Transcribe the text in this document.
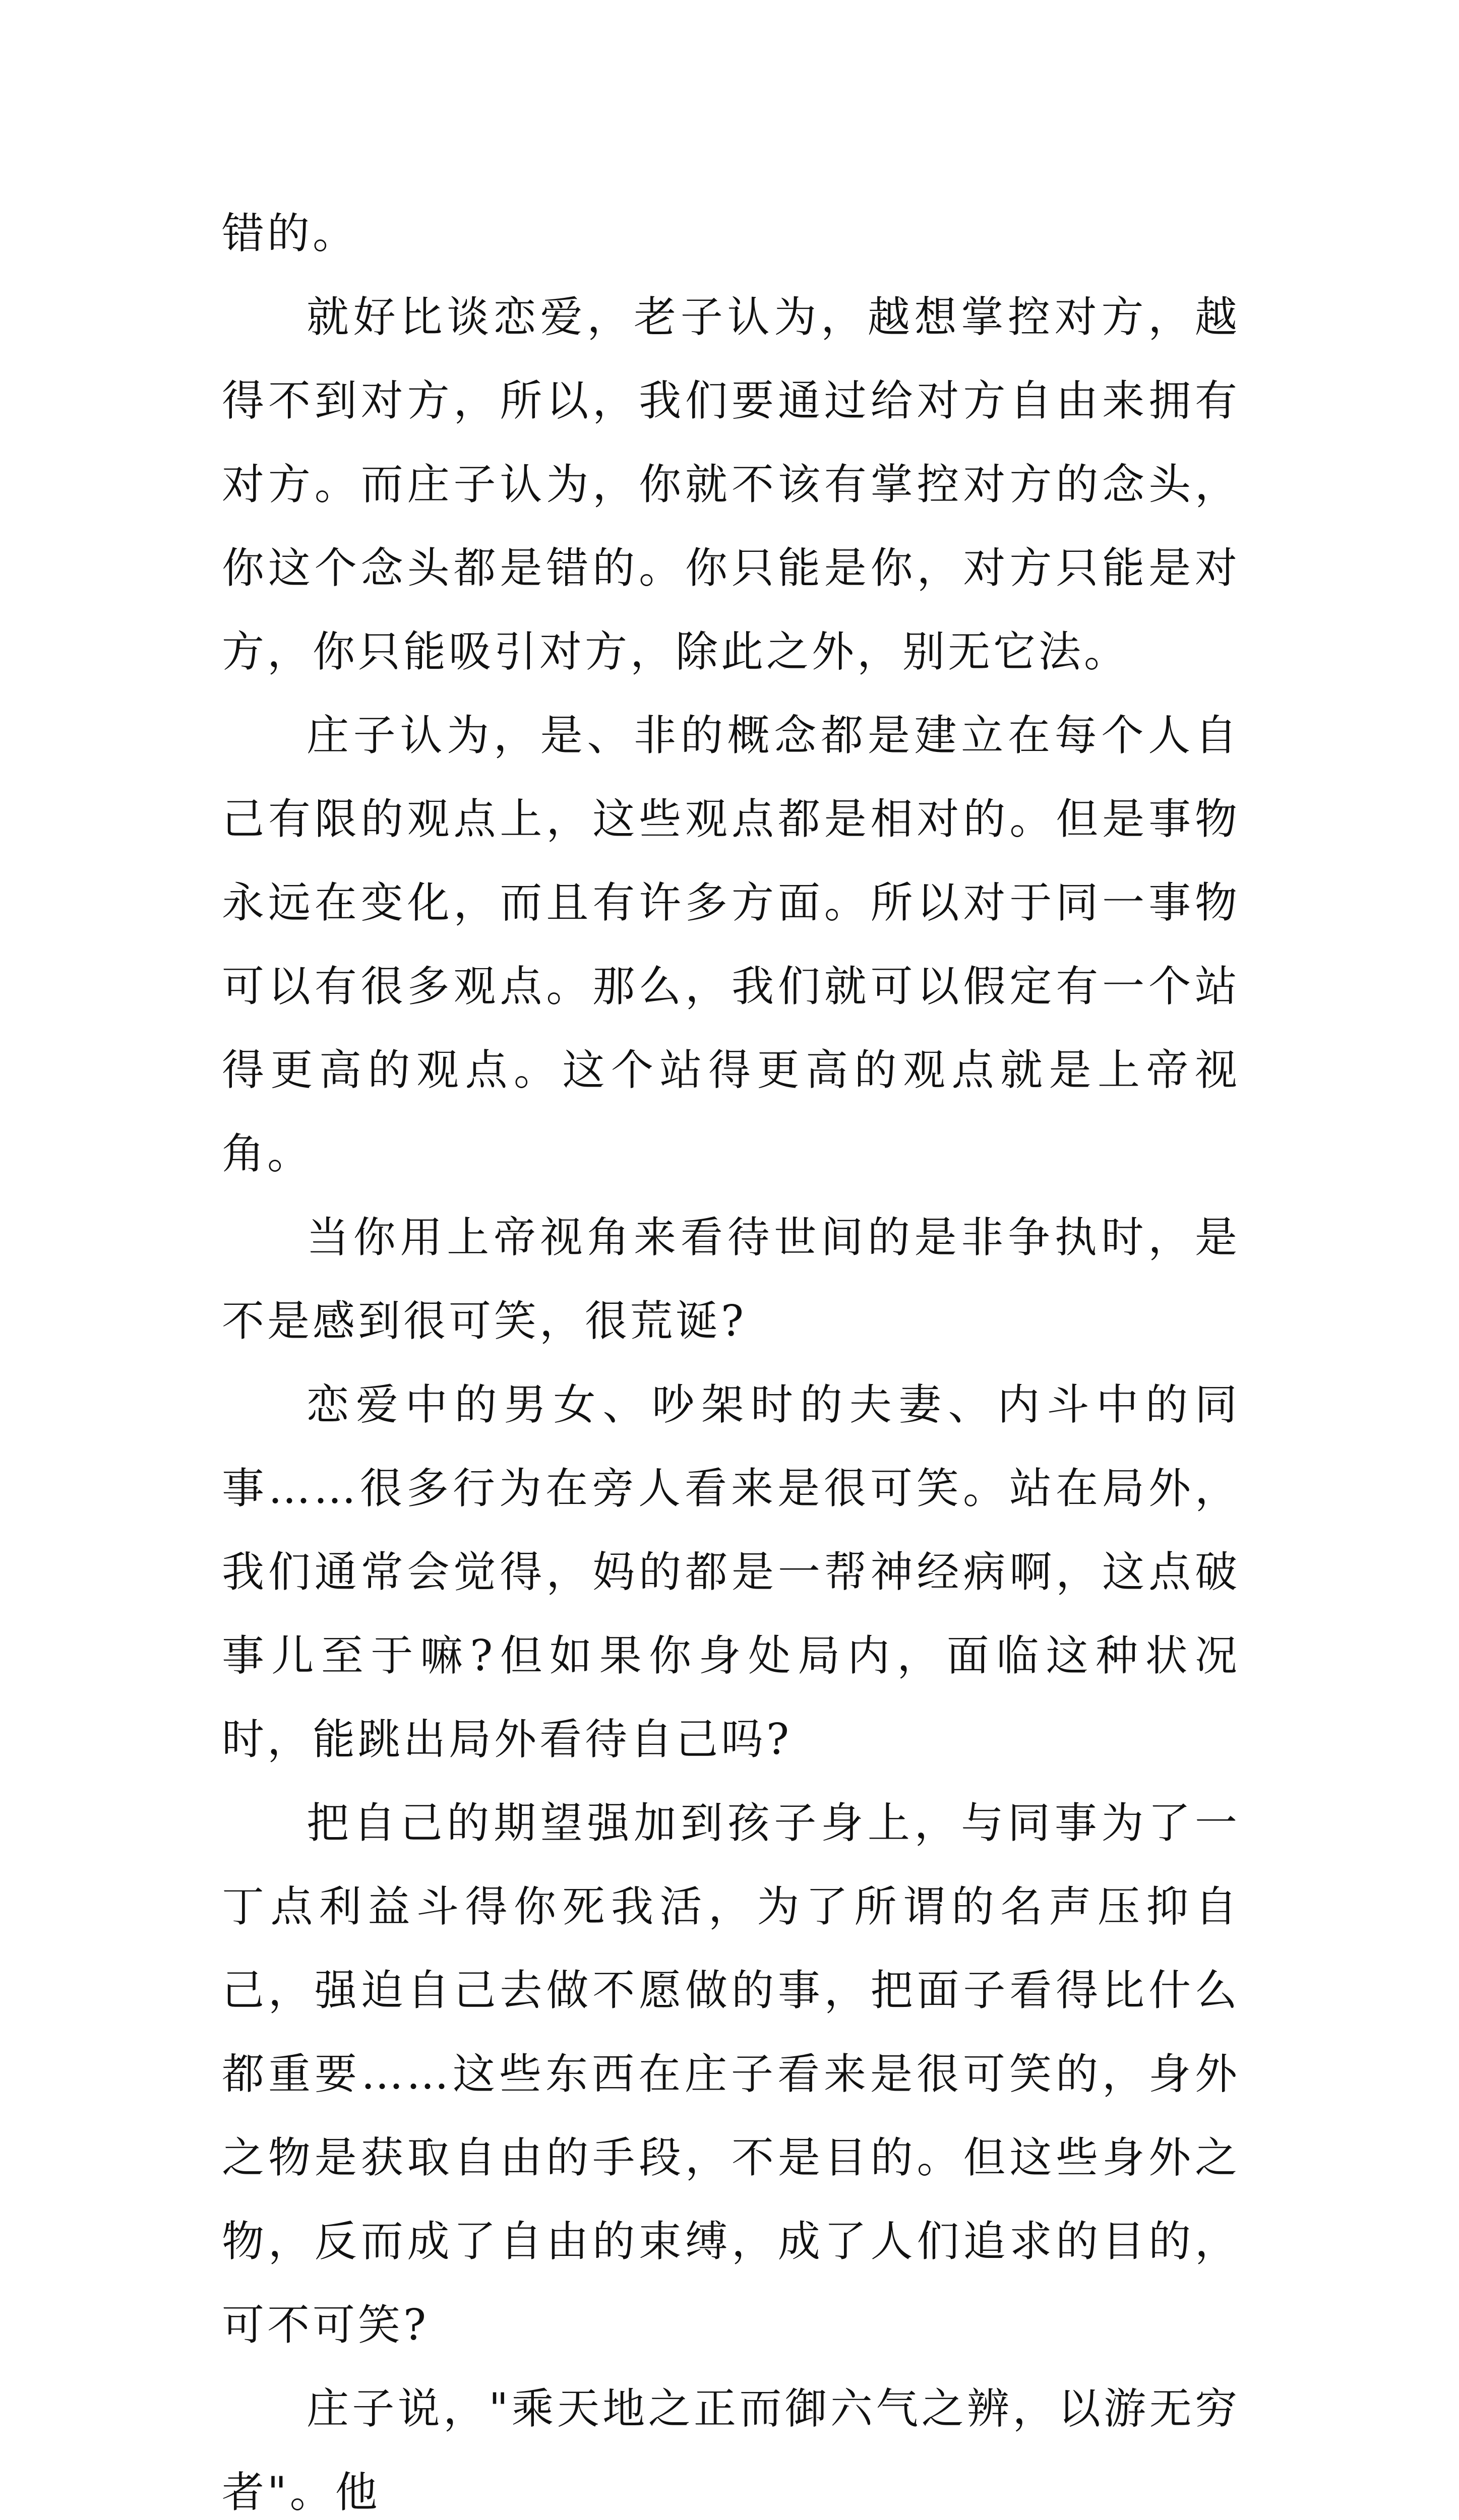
错的。

就好比谈恋爱，老子认为，越想掌控对方，越得不到对方，所以，我们要通过给对方自由来拥有对方。而庄子认为，你就不该有掌控对方的念头，你这个念头都是错的。你只能是你，对方只能是对方，你只能吸引对方，除此之外，别无它法。

庄子认为，是、非的概念都是建立在每个人自己有限的观点上，这些观点都是相对的。但是事物永远在变化，而且有许多方面。所以对于同一事物可以有很多观点。那么，我们就可以假定有一个站得更高的观点。这个站得更高的观点就是上帝视角。

当你用上帝视角来看待世间的是非争执时，是不是感到很可笑，很荒诞?

恋爱中的男女、吵架时的夫妻、内斗中的同事……很多行为在旁人看来是很可笑。站在局外，我们通常会觉得，妈的都是一帮神经病啊，这点破事儿至于嘛?但如果你身处局内，面临这种状况时，能跳出局外看待自己吗?

把自己的期望强加到孩子身上，与同事为了一丁点利益斗得你死我活，为了所谓的名声压抑自己，强迫自己去做不愿做的事，把面子看得比什么都重要……这些东西在庄子看来是很可笑的，身外之物是获取自由的手段，不是目的。但这些身外之物，反而成了自由的束缚，成了人们追求的目的，可不可笑?

庄子说，"乘天地之正而御六气之辨，以游无穷者"。他
